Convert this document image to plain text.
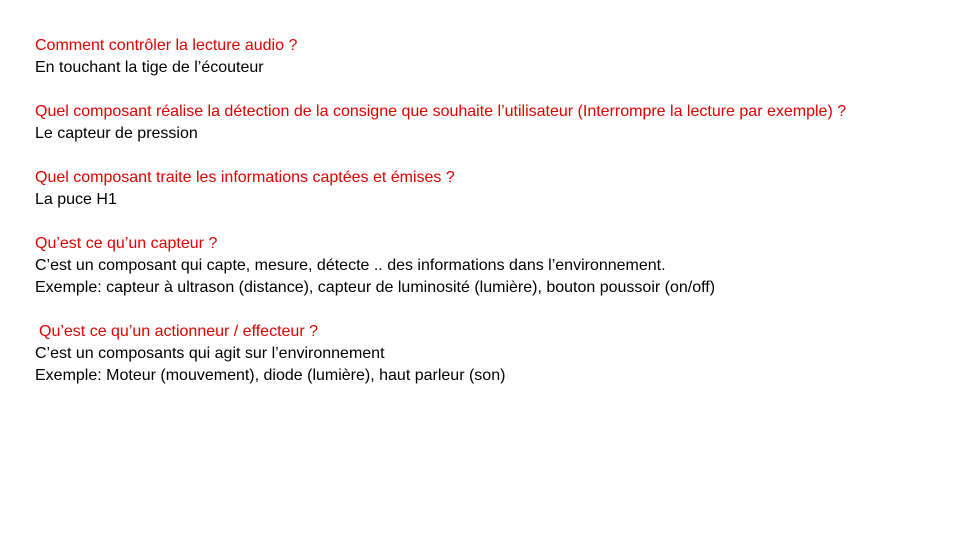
Comment contrôler la lecture audio ?

En touchant la tige de l’écouteur

Quel composant réalise la détection de la consigne que souhaite l’utilisateur (Interrompre la lecture par exemple) ?

Le capteur de pression

Quel composant traite les informations captées et émises ?

La puce H1

Qu’est ce qu’un capteur ?

C’est un composant qui capte, mesure, détecte .. des informations dans l’environnement.

Exemple: capteur à ultrason (distance), capteur de luminosité (lumière), bouton poussoir (on/off)

Qu’est ce qu’un actionneur / effecteur ?

C’est un composants qui agit sur l’environnement

Exemple: Moteur (mouvement), diode (lumière), haut parleur (son)
